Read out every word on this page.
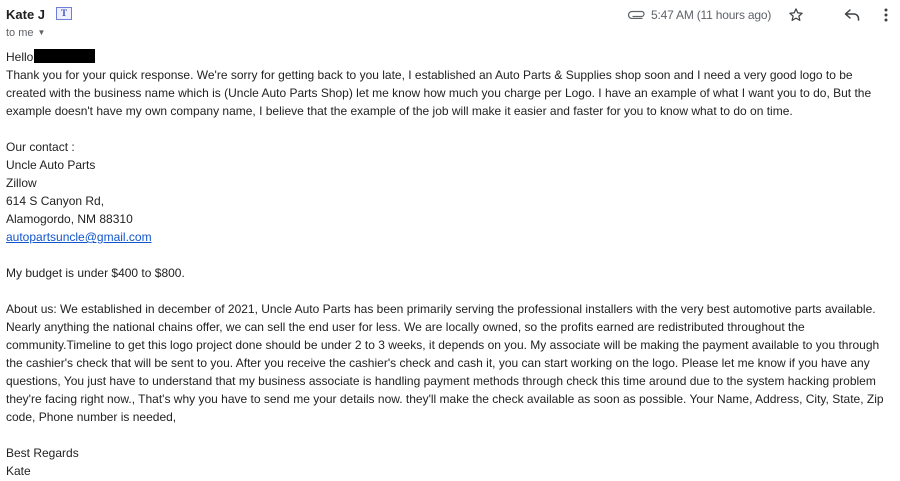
Kate J	T
to me ▼
5:47 AM (11 hours ago)

Hello

Thank you for your quick response. We're sorry for getting back to you late, I established an Auto Parts & Supplies shop soon and I need a very good logo to be created with the business name which is (Uncle Auto Parts Shop) let me know how much you charge per Logo. I have an example of what I want you to do, But the example doesn't have my own company name, I believe that the example of the job will make it easier and faster for you to know what to do on time.

Our contact :

Uncle Auto Parts

Zillow

614 S Canyon Rd,

Alamogordo, NM 88310

autopartsuncle@gmail.com

My budget is under $400 to $800.

About us: We established in december of 2021, Uncle Auto Parts has been primarily serving the professional installers with the very best automotive parts available. Nearly anything the national chains offer, we can sell the end user for less. We are locally owned, so the profits earned are redistributed throughout the community.Timeline to get this logo project done should be under 2 to 3 weeks, it depends on you. My associate will be making the payment available to you through the cashier's check that will be sent to you. After you receive the cashier's check and cash it, you can start working on the logo. Please let me know if you have any questions, You just have to understand that my business associate is handling payment methods through check this time around due to the system hacking problem they're facing right now., That's why you have to send me your details now. they'll make the check available as soon as possible. Your Name, Address, City, State, Zip code, Phone number is needed,

Best Regards

Kate
